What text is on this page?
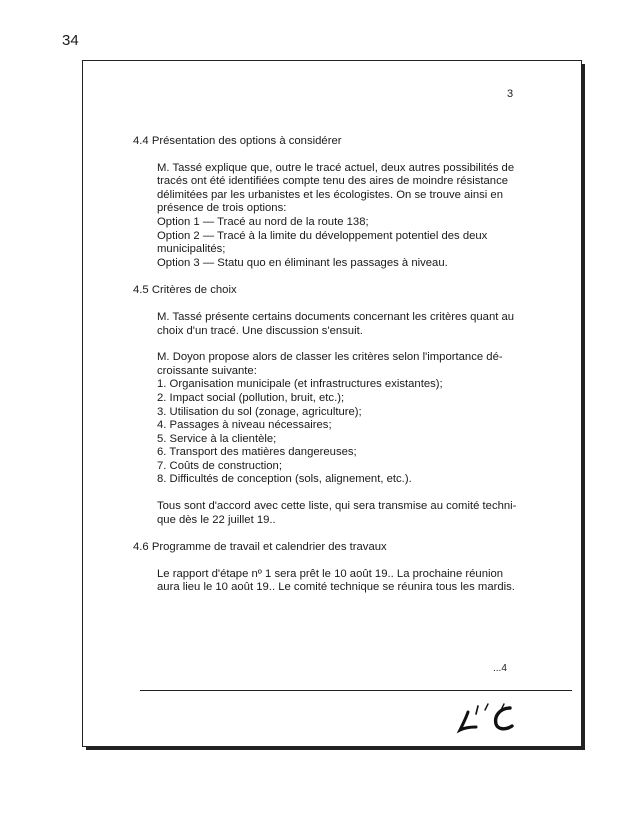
34
3
4.4 Présentation des options à considérer

M. Tassé explique que, outre le tracé actuel, deux autres possibilités de
tracés ont été identifiées compte tenu des aires de moindre résistance
délimitées par les urbanistes et les écologistes. On se trouve ainsi en
présence de trois options:
Option 1 — Tracé au nord de la route 138;
Option 2 — Tracé à la limite du développement potentiel des deux
municipalités;
Option 3 — Statu quo en éliminant les passages à niveau.

4.5 Critères de choix

M. Tassé présente certains documents concernant les critères quant au
choix d'un tracé. Une discussion s'ensuit.

M. Doyon propose alors de classer les critères selon l'importance dé-
croissante suivante:
1. Organisation municipale (et infrastructures existantes);
2. Impact social (pollution, bruit, etc.);
3. Utilisation du sol (zonage, agriculture);
4. Passages à niveau nécessaires;
5. Service à la clientèle;
6. Transport des matières dangereuses;
7. Coûts de construction;
8. Difficultés de conception (sols, alignement, etc.).

Tous sont d'accord avec cette liste, qui sera transmise au comité techni-
que dès le 22 juillet 19..

4.6 Programme de travail et calendrier des travaux

Le rapport d'étape nº 1 sera prêt le 10 août 19.. La prochaine réunion
aura lieu le 10 août 19.. Le comité technique se réunira tous les mardis.

...4
